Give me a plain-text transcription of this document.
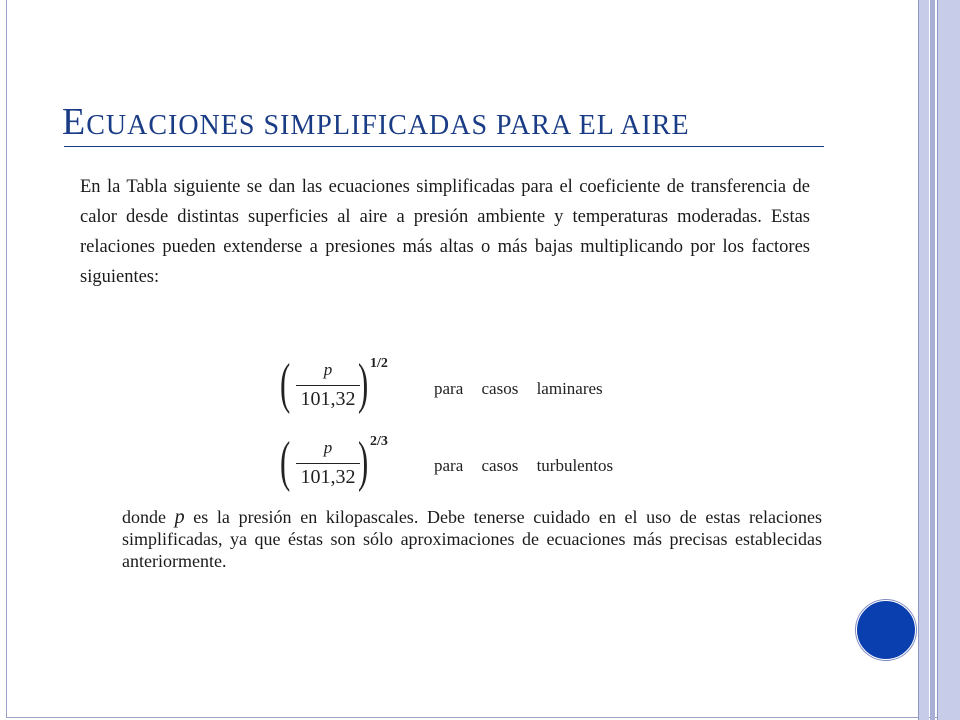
ECUACIONES SIMPLIFICADAS PARA EL AIRE
En la Tabla siguiente se dan las ecuaciones simplificadas para el coeficiente de transferencia de calor desde distintas superficies al aire a presión ambiente y temperaturas moderadas. Estas relaciones pueden extenderse a presiones más altas o más bajas multiplicando por los factores siguientes:
(	p
101,32 ) 1/2
para casos laminares
(	p
101,32 ) 2/3
para casos turbulentos
donde p es la presión en kilopascales. Debe tenerse cuidado en el uso de estas relaciones simplificadas, ya que éstas son sólo aproximaciones de ecuaciones más precisas establecidas anteriormente.
